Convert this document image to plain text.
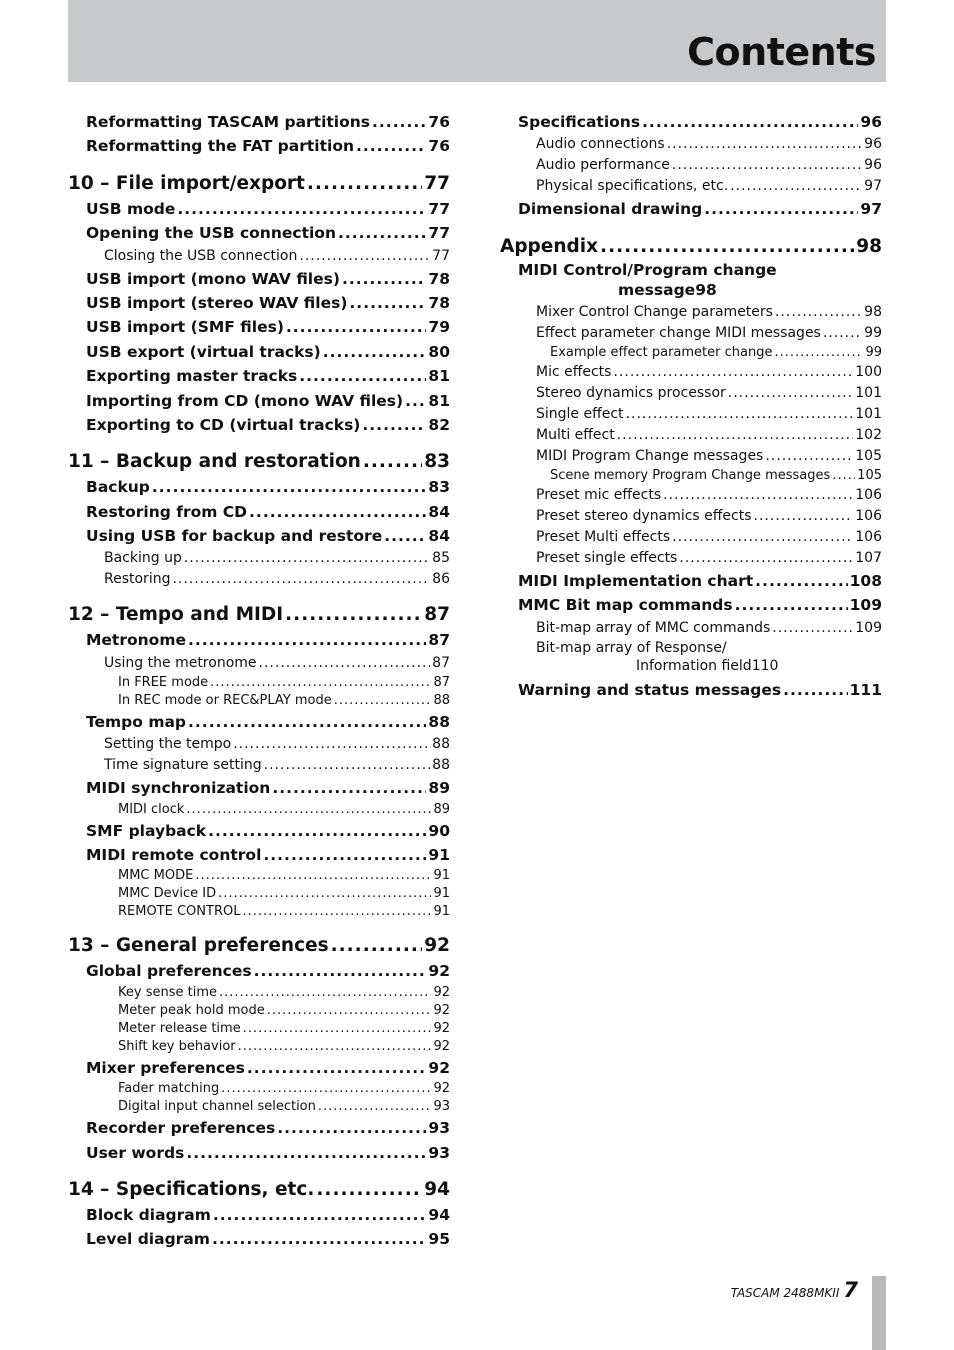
Contents
Reformatting TASCAM partitions .....	76
Reformatting the FAT partition .....	76
10 – File import/export .....	77
USB mode .....	77
Opening the USB connection .....	77
Closing the USB connection .....	77
USB import (mono WAV files) .....	78
USB import (stereo WAV files) .....	78
USB import (SMF files) .....	79
USB export (virtual tracks) .....	80
Exporting master tracks .....	81
Importing from CD (mono WAV files) ..... 81
Exporting to CD (virtual tracks) .....	82
11 – Backup and restoration .....	83
Backup .....	83
Restoring from CD .....	84
Using USB for backup and restore .....	84
Backing up .....	85
Restoring .....	86
12 – Tempo and MIDI .....	87
Metronome .....	87
Using the metronome .....	87
In FREE mode .....	87
In REC mode or REC&PLAY mode .....	88
Tempo map .....	88
Setting the tempo .....	88
Time signature setting .....	88
MIDI synchronization .....	89
MIDI clock .....	89
SMF playback .....	90
MIDI remote control .....	91
MMC MODE .....	91
MMC Device ID .....	91
REMOTE CONTROL .....	91
13 – General preferences .....	92
Global preferences .....	92
Key sense time .....	92
Meter peak hold mode .....	92
Meter release time .....	92
Shift key behavior .....	92
Mixer preferences .....	92
Fader matching .....	92
Digital input channel selection .....	93
Recorder preferences .....	93
User words .....	93
14 – Specifications, etc. .....	94
Block diagram .....	94
Level diagram .....	95
Specifications .....	96
Audio connections .....	96
Audio performance .....	96
Physical specifications, etc. .....	97
Dimensional drawing .....	97
Appendix .....	98
MIDI Control/Program change
message 98
Mixer Control Change parameters .....	98
Effect parameter change MIDI messages .....	99
Example effect parameter change .....	99
Mic effects .....	100
Stereo dynamics processor .....	101
Single effect .....	101
Multi effect .....	102
MIDI Program Change messages .....	105
Scene memory Program Change messages ..... 105
Preset mic effects .....	106
Preset stereo dynamics effects .....	106
Preset Multi effects .....	106
Preset single effects .....	107
MIDI Implementation chart .....	108
MMC Bit map commands .....	109
Bit-map array of MMC commands .....	109
Bit-map array of Response/
Information field 110
Warning and status messages .....	111
TASCAM 2488MKII 7
